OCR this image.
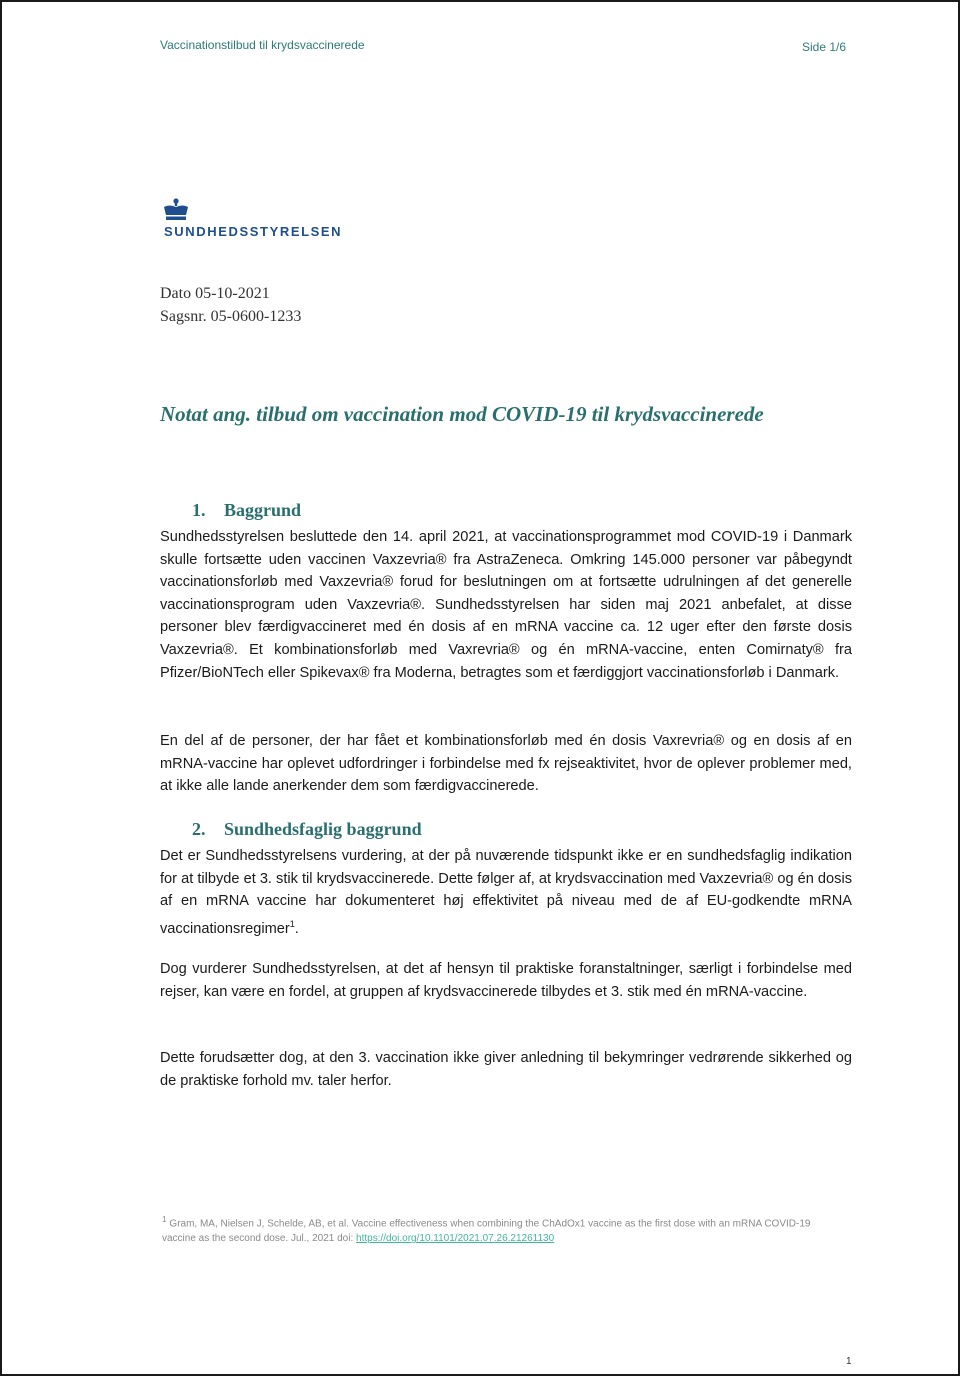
Vaccinationstilbud til krydsvaccinerede	Side 1/6
SUNDHEDSSTYRELSEN
Dato 05-10-2021
Sagsnr. 05-0600-1233
Notat ang. tilbud om vaccination mod COVID-19 til krydsvaccinerede
1. Baggrund

Sundhedsstyrelsen besluttede den 14. april 2021, at vaccinationsprogrammet mod COVID-19 i Danmark skulle fortsætte uden vaccinen Vaxzevria® fra AstraZeneca. Omkring 145.000 personer var påbegyndt vaccinationsforløb med Vaxzevria® forud for beslutningen om at fortsætte udrulningen af det generelle vaccinationsprogram uden Vaxzevria®. Sundhedsstyrelsen har siden maj 2021 anbefalet, at disse personer blev færdigvaccineret med én dosis af en mRNA vaccine ca. 12 uger efter den første dosis Vaxzevria®. Et kombinationsforløb med Vaxrevria® og én mRNA-vaccine, enten Comirnaty® fra Pfizer/BioNTech eller Spikevax® fra Moderna, betragtes som et færdiggjort vaccinationsforløb i Danmark.

En del af de personer, der har fået et kombinationsforløb med én dosis Vaxrevria® og en dosis af en mRNA-vaccine har oplevet udfordringer i forbindelse med fx rejseaktivitet, hvor de oplever problemer med, at ikke alle lande anerkender dem som færdigvaccinerede.

2. Sundhedsfaglig baggrund

Det er Sundhedsstyrelsens vurdering, at der på nuværende tidspunkt ikke er en sundhedsfaglig indikation for at tilbyde et 3. stik til krydsvaccinerede. Dette følger af, at krydsvaccination med Vaxzevria® og én dosis af en mRNA vaccine har dokumenteret høj effektivitet på niveau med de af EU-godkendte mRNA vaccinationsregimer$^1$.

Dog vurderer Sundhedsstyrelsen, at det af hensyn til praktiske foranstaltninger, særligt i forbindelse med rejser, kan være en fordel, at gruppen af krydsvaccinerede tilbydes et 3. stik med én mRNA-vaccine.

Dette forudsætter dog, at den 3. vaccination ikke giver anledning til bekymringer vedrørende sikkerhed og de praktiske forhold mv. taler herfor.

$^1$ Gram, MA, Nielsen J, Schelde, AB, et al. Vaccine effectiveness when combining the ChAdOx1 vaccine as the first dose with an mRNA COVID-19 vaccine as the second dose. Jul., 2021 doi: https://doi.org/10.1101/2021.07.26.21261130
1
